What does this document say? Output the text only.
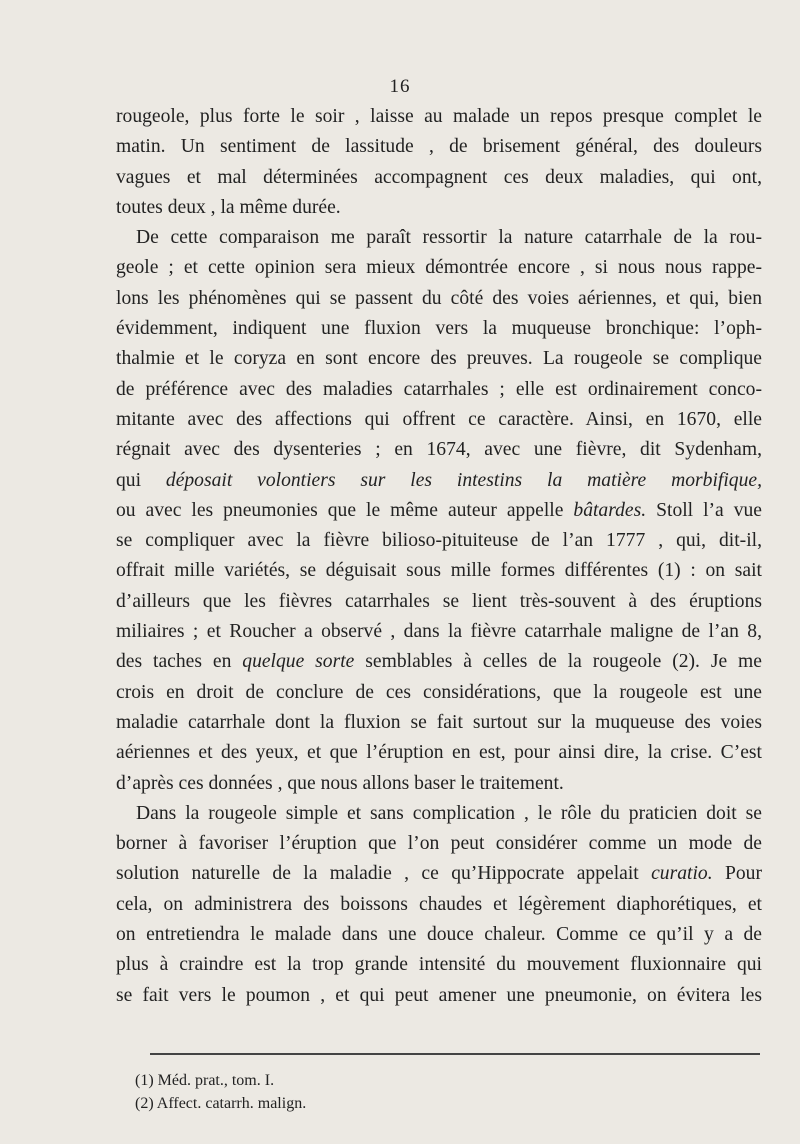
16
rougeole, plus forte le soir , laisse au malade un repos presque complet le
matin. Un sentiment de lassitude , de brisement général, des douleurs
vagues et mal déterminées accompagnent ces deux maladies, qui ont,
toutes deux , la même durée.
De cette comparaison me paraît ressortir la nature catarrhale de la rou-
geole ; et cette opinion sera mieux démontrée encore , si nous nous rappe-
lons les phénomènes qui se passent du côté des voies aériennes, et qui, bien
évidemment, indiquent une fluxion vers la muqueuse bronchique: l’oph-
thalmie et le coryza en sont encore des preuves. La rougeole se complique
de préférence avec des maladies catarrhales ; elle est ordinairement conco-
mitante avec des affections qui offrent ce caractère. Ainsi, en 1670, elle
régnait avec des dysenteries ; en 1674, avec une fièvre, dit Sydenham,
qui déposait volontiers sur les intestins la matière morbifique,
ou avec les pneumonies que le même auteur appelle bâtardes. Stoll l’a vue
se compliquer avec la fièvre bilioso-pituiteuse de l’an 1777 , qui, dit-il,
offrait mille variétés, se déguisait sous mille formes différentes (1) : on sait
d’ailleurs que les fièvres catarrhales se lient très-souvent à des éruptions
miliaires ; et Roucher a observé , dans la fièvre catarrhale maligne de l’an 8,
des taches en quelque sorte semblables à celles de la rougeole (2). Je me
crois en droit de conclure de ces considérations, que la rougeole est une
maladie catarrhale dont la fluxion se fait surtout sur la muqueuse des voies
aériennes et des yeux, et que l’éruption en est, pour ainsi dire, la crise. C’est
d’après ces données , que nous allons baser le traitement.
Dans la rougeole simple et sans complication , le rôle du praticien doit se
borner à favoriser l’éruption que l’on peut considérer comme un mode de
solution naturelle de la maladie , ce qu’Hippocrate appelait curatio. Pour
cela, on administrera des boissons chaudes et légèrement diaphorétiques, et
on entretiendra le malade dans une douce chaleur. Comme ce qu’il y a de
plus à craindre est la trop grande intensité du mouvement fluxionnaire qui
se fait vers le poumon , et qui peut amener une pneumonie, on évitera les
(1) Méd. prat., tom. I.
(2) Affect. catarrh. malign.
